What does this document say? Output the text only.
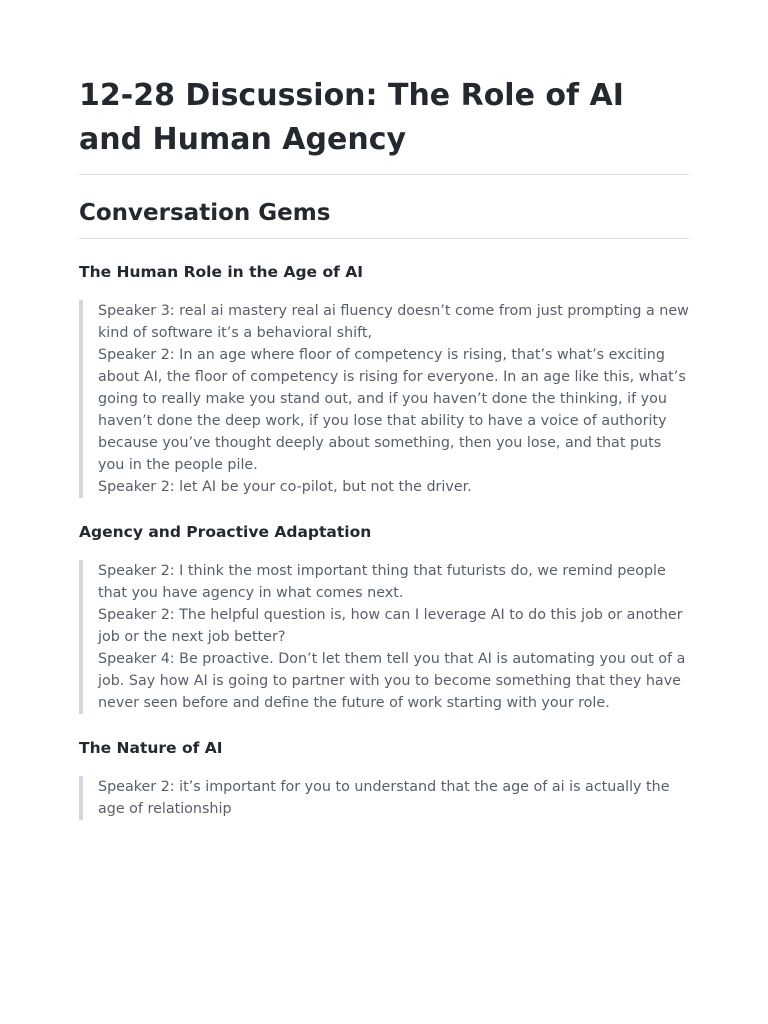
12-28 Discussion: The Role of AI and Human Agency
Conversation Gems
The Human Role in the Age of AI

Speaker 3: real ai mastery real ai fluency doesn’t come from just prompting a new kind of software it’s a behavioral shift,

Speaker 2: In an age where floor of competency is rising, that’s what’s exciting about AI, the floor of competency is rising for everyone. In an age like this, what’s going to really make you stand out, and if you haven’t done the thinking, if you haven’t done the deep work, if you lose that ability to have a voice of authority because you’ve thought deeply about something, then you lose, and that puts you in the people pile.

Speaker 2: let AI be your co-pilot, but not the driver.

Agency and Proactive Adaptation

Speaker 2: I think the most important thing that futurists do, we remind people that you have agency in what comes next.

Speaker 2: The helpful question is, how can I leverage AI to do this job or another job or the next job better?

Speaker 4: Be proactive. Don’t let them tell you that AI is automating you out of a job. Say how AI is going to partner with you to become something that they have never seen before and define the future of work starting with your role.

The Nature of AI

Speaker 2: it’s important for you to understand that the age of ai is actually the age of relationship
